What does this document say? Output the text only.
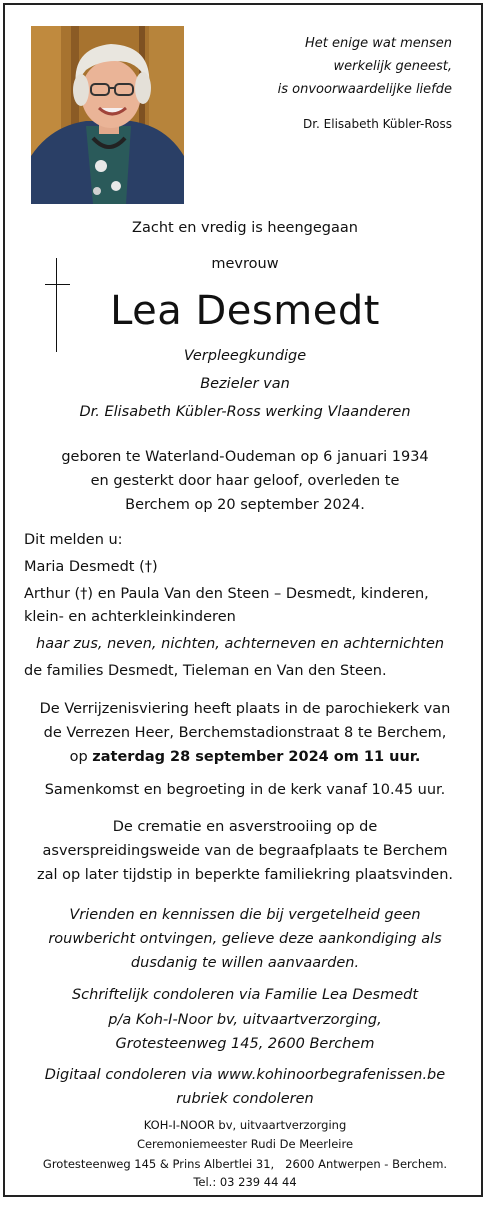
Het enige wat mensen
werkelijk geneest,
is onvoorwaardelijke liefde
Dr. Elisabeth Kübler-Ross
Zacht en vredig is heengegaan
mevrouw
Lea Desmedt
Verpleegkundige
Bezieler van
Dr. Elisabeth Kübler-Ross werking Vlaanderen
geboren te Waterland-Oudeman op 6 januari 1934
en gesterkt door haar geloof, overleden te
Berchem op 20 september 2024.
Dit melden u:
Maria Desmedt (†)
Arthur (†) en Paula Van den Steen – Desmedt, kinderen,
klein- en achterkleinkinderen
haar zus, neven, nichten, achterneven en achternichten
de families Desmedt, Tieleman en Van den Steen.
De Verrijzenisviering heeft plaats in de parochiekerk van
de Verrezen Heer, Berchemstadionstraat 8 te Berchem,
op zaterdag 28 september 2024 om 11 uur.
Samenkomst en begroeting in de kerk vanaf 10.45 uur.
De crematie en asverstrooiing op de
asverspreidingsweide van de begraafplaats te Berchem
zal op later tijdstip in beperkte familiekring plaatsvinden.
Vrienden en kennissen die bij vergetelheid geen
rouwbericht ontvingen, gelieve deze aankondiging als
dusdanig te willen aanvaarden.
Schriftelijk condoleren via Familie Lea Desmedt
p/a Koh-I-Noor bv, uitvaartverzorging,
Grotesteenweg 145, 2600 Berchem
Digitaal condoleren via www.kohinoorbegrafenissen.be
rubriek condoleren
KOH-I-NOOR bv, uitvaartverzorging
Ceremoniemeester Rudi De Meerleire
Grotesteenweg 145 & Prins Albertlei 31,   2600 Antwerpen - Berchem.
Tel.: 03 239 44 44
